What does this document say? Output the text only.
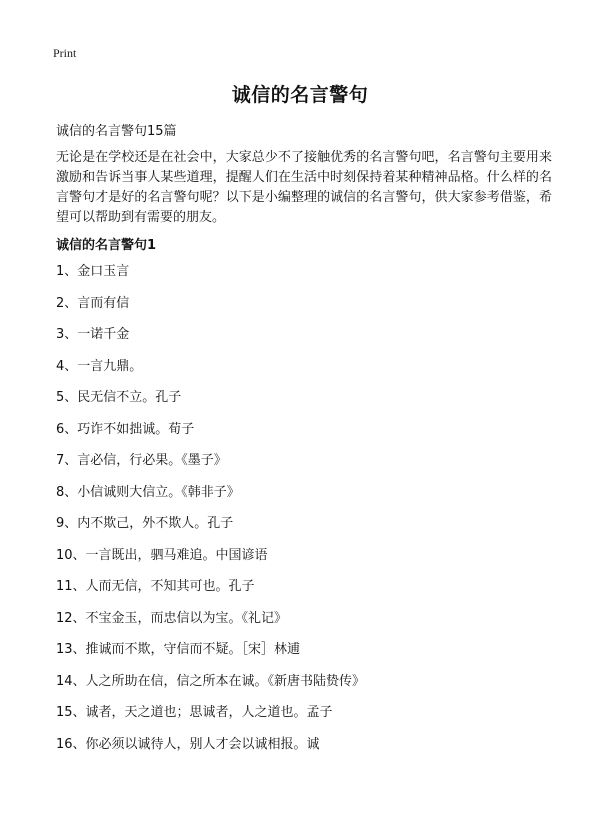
Print
诚信的名言警句

诚信的名言警句15篇

无论是在学校还是在社会中，大家总少不了接触优秀的名言警句吧，名言警句主要用来激励和告诉当事人某些道理，提醒人们在生活中时刻保持着某种精神品格。什么样的名言警句才是好的名言警句呢？以下是小编整理的诚信的名言警句，供大家参考借鉴，希望可以帮助到有需要的朋友。

诚信的名言警句1
1、金口玉言
2、言而有信
3、一诺千金
4、一言九鼎。
5、民无信不立。孔子
6、巧诈不如拙诚。荀子
7、言必信，行必果。《墨子》
8、小信诚则大信立。《韩非子》
9、内不欺己，外不欺人。孔子
10、一言既出，驷马难追。中国谚语
11、人而无信，不知其可也。孔子
12、不宝金玉，而忠信以为宝。《礼记》
13、推诚而不欺，守信而不疑。［宋］林逋
14、人之所助在信，信之所本在诚。《新唐书陆贽传》
15、诚者，天之道也；思诚者，人之道也。孟子
16、你必须以诚待人，别人才会以诚相报。诚
